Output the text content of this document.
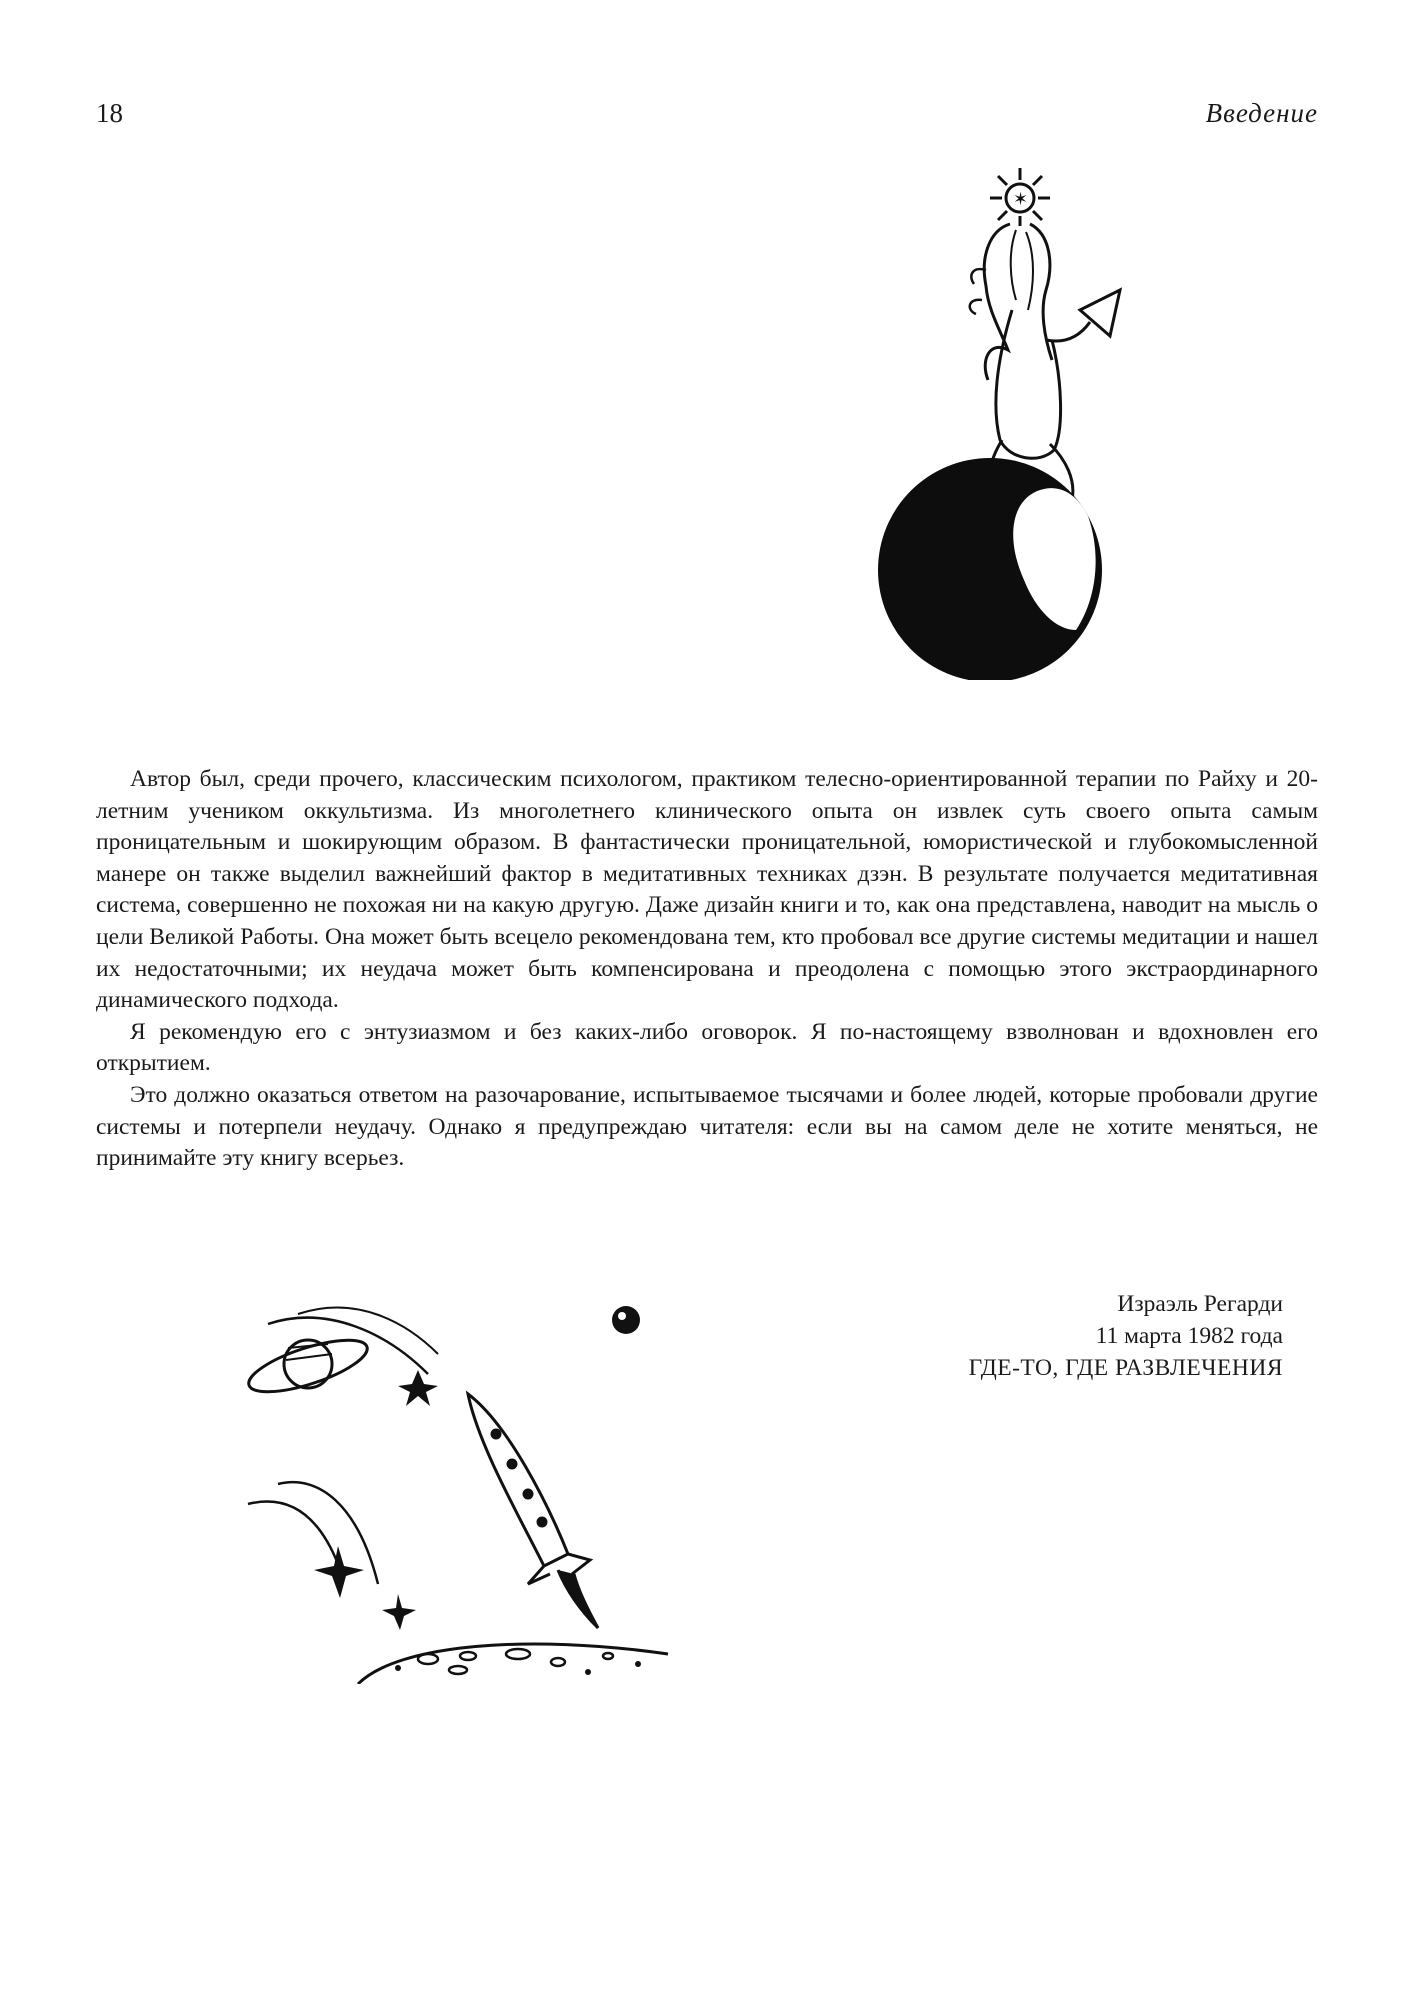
18	Введение
✶

Автор был, среди прочего, классическим психологом, практиком телесно-ориентированной терапии по Райху и 20-летним учеником оккультизма. Из многолетнего клинического опыта он извлек суть своего опыта самым проницательным и шокирующим образом. В фантастически проницательной, юмористической и глубокомысленной манере он также выделил важнейший фактор в медитативных техниках дзэн. В результате получается медитативная система, совершенно не похожая ни на какую другую. Даже дизайн книги и то, как она представлена, наводит на мысль о цели Великой Работы. Она может быть всецело рекомендована тем, кто пробовал все другие системы медитации и нашел их недостаточными; их неудача может быть компенсирована и преодолена с помощью этого экстраординарного динамического подхода.

Я рекомендую его с энтузиазмом и без каких-либо оговорок. Я по-настоящему взволнован и вдохновлен его открытием.

Это должно оказаться ответом на разочарование, испытываемое тысячами и более людей, которые пробовали другие системы и потерпели неудачу. Однако я предупреждаю читателя: если вы на самом деле не хотите меняться, не принимайте эту книгу всерьез.

Израэль Регарди
11 марта 1982 года
ГДЕ-ТО, ГДЕ РАЗВЛЕЧЕНИЯ
